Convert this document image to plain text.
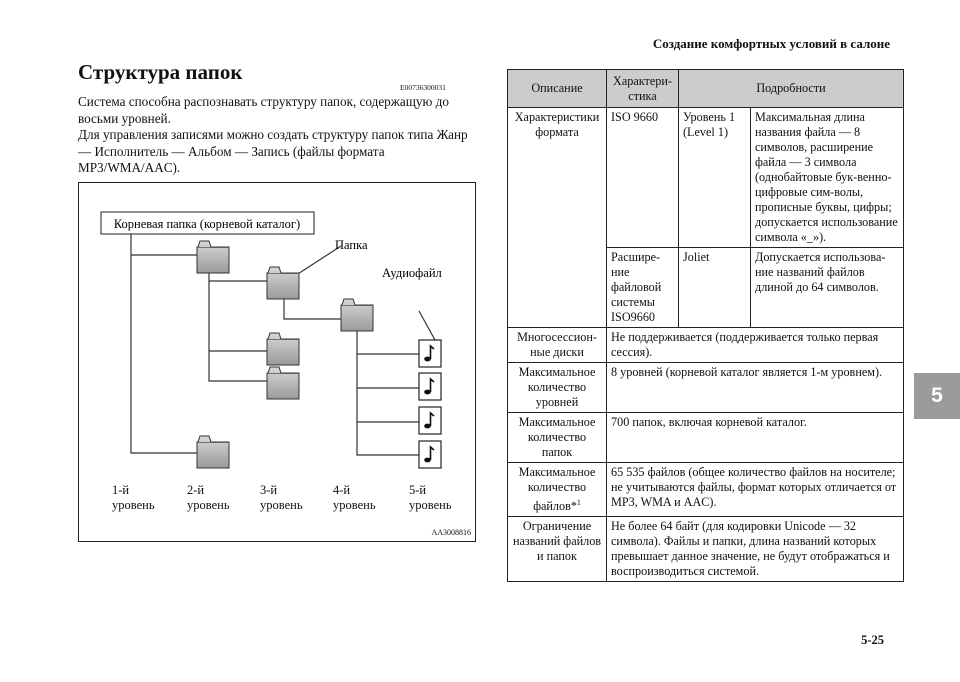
Создание комфортных условий в салоне
Структура папок
E00736300031

Система способна распознавать структуру папок, содержащую до восьми уровней.

Для управления записями можно создать структуру папок типа Жанр — Исполнитель — Альбом — Запись (файлы формата MP3/WMA/AAC).

Корневая папка (корневой каталог)
Папка
Аудиофайл
1-й
уровень
2-й
уровень
3-й
уровень
4-й
уровень
5-й
уровень
AA3008816
Описание	Характери-стика	Подробности	
Характеристики формата	ISO 9660	Уровень 1 (Level 1)	Максимальная длина названия файла — 8 символов, расширение файла — 3 символа (однобайтовые бук-венно-цифровые сим-волы, прописные буквы, цифры; допускается использование символа «_»).
	Расшире-ние файловой системы ISO9660	Joliet	Допускается использова-ние названий файлов длиной до 64 символов.
Многосессион-ные диски	Не поддерживается (поддерживается только первая сессия).		
Максимальное количество уровней	8 уровней (корневой каталог является 1-м уровнем).		
Максимальное количество папок	700 папок, включая корневой каталог.		
Максимальное количество файлов*$^1$	65 535 файлов (общее количество файлов на носителе; не учитываются файлы, формат которых отличается от MP3, WMA и AAC).		
Ограничение названий файлов и папок	Не более 64 байт (для кодировки Unicode — 32 символа). Файлы и папки, длина названий которых превышает данное значение, не будут отображаться и воспроизводиться системой.		
5
5-25
